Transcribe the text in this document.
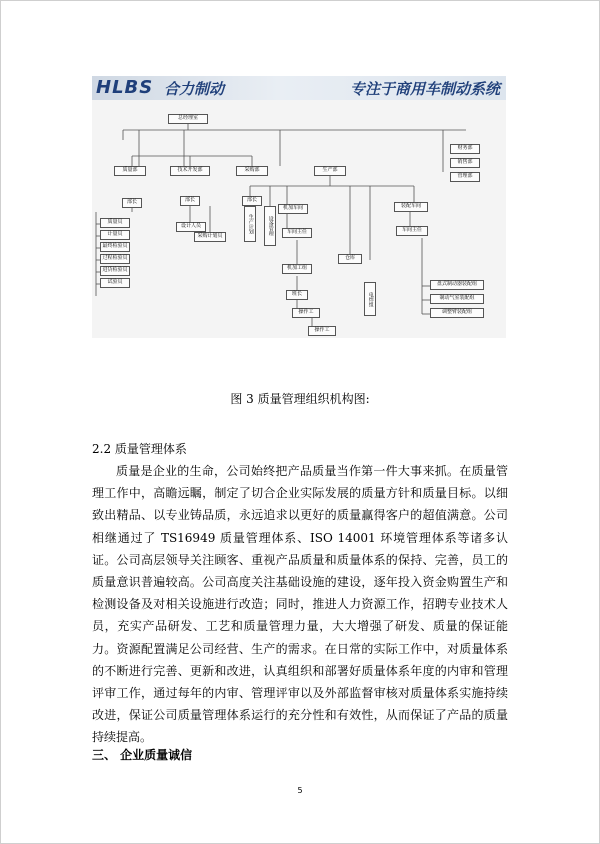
HLBS 合力制动	专注于商用车制动系统
总经理室
质量部	技术开发部	采购部	生产部
财务部
销售部
管理部
部长	部长	部长
质量员
计量员
最终检验员
过程检验员
进货检验员
试验员
设计人员
采购计划员
生产计划	设备管理
机加车间
车间主任
机加工组
班长
操作工
操作工
仓库
电焊组
装配车间
车间主任
盘式制动器装配组
制动气室装配组
调整臂装配组
图 3 质量管理组织机构图:
2.2 质量管理体系

质量是企业的生命，公司始终把产品质量当作第一件大事来抓。在质量管理工作中，高瞻远瞩，制定了切合企业实际发展的质量方针和质量目标。以细致出精品、以专业铸品质，永远追求以更好的质量赢得客户的超值满意。公司相继通过了 TS16949 质量管理体系、ISO 14001 环境管理体系等诸多认证。公司高层领导关注顾客、重视产品质量和质量体系的保持、完善，员工的质量意识普遍较高。公司高度关注基础设施的建设，逐年投入资金购置生产和检测设备及对相关设施进行改造；同时，推进人力资源工作，招聘专业技术人员，充实产品研发、工艺和质量管理力量，大大增强了研发、质量的保证能力。资源配置满足公司经营、生产的需求。在日常的实际工作中，对质量体系的不断进行完善、更新和改进，认真组织和部署好质量体系年度的内审和管理评审工作，通过每年的内审、管理评审以及外部监督审核对质量体系实施持续改进，保证公司质量管理体系运行的充分性和有效性，从而保证了产品的质量持续提高。

三、 企业质量诚信
5
